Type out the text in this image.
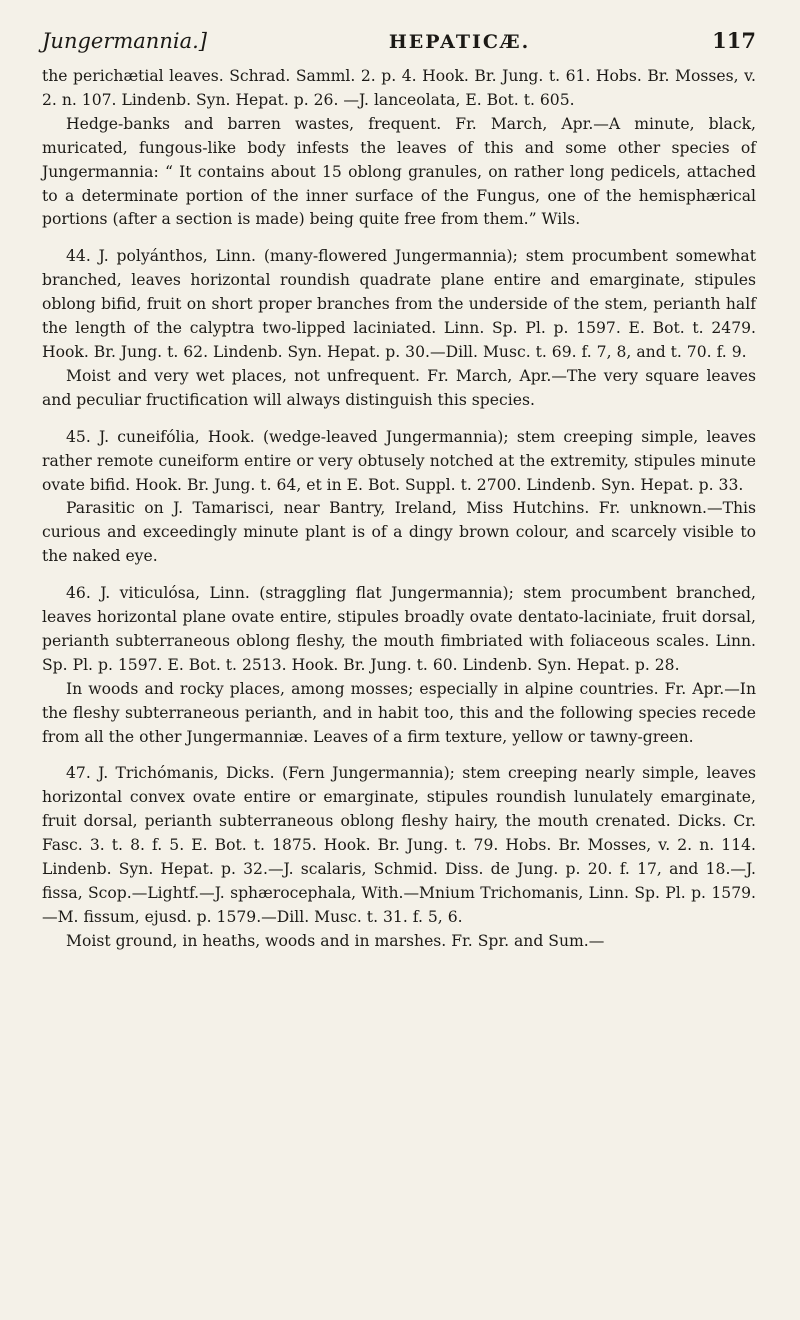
Jungermannia.]	HEPATICÆ.	117

the perichætial leaves. Schrad. Samml. 2. p. 4. Hook. Br. Jung. t. 61. Hobs. Br. Mosses, v. 2. n. 107. Lindenb. Syn. Hepat. p. 26. —J. lanceolata, E. Bot. t. 605.

Hedge-banks and barren wastes, frequent. Fr. March, Apr.—A minute, black, muricated, fungous-like body infests the leaves of this and some other species of Jungermannia: “ It contains about 15 oblong granules, on rather long pedicels, attached to a determinate portion of the inner surface of the Fungus, one of the hemisphærical portions (after a section is made) being quite free from them.” Wils.

44. J. polyánthos, Linn. (many-flowered Jungermannia); stem procumbent somewhat branched, leaves horizontal roundish quadrate plane entire and emarginate, stipules oblong bifid, fruit on short proper branches from the underside of the stem, perianth half the length of the calyptra two-lipped laciniated. Linn. Sp. Pl. p. 1597. E. Bot. t. 2479. Hook. Br. Jung. t. 62. Lindenb. Syn. Hepat. p. 30.—Dill. Musc. t. 69. f. 7, 8, and t. 70. f. 9.

Moist and very wet places, not unfrequent. Fr. March, Apr.—The very square leaves and peculiar fructification will always distinguish this species.

45. J. cuneifólia, Hook. (wedge-leaved Jungermannia); stem creeping simple, leaves rather remote cuneiform entire or very obtusely notched at the extremity, stipules minute ovate bifid. Hook. Br. Jung. t. 64, et in E. Bot. Suppl. t. 2700. Lindenb. Syn. Hepat. p. 33.

Parasitic on J. Tamarisci, near Bantry, Ireland, Miss Hutchins. Fr. unknown.—This curious and exceedingly minute plant is of a dingy brown colour, and scarcely visible to the naked eye.

46. J. viticulósa, Linn. (straggling flat Jungermannia); stem procumbent branched, leaves horizontal plane ovate entire, stipules broadly ovate dentato-laciniate, fruit dorsal, perianth subterraneous oblong fleshy, the mouth fimbriated with foliaceous scales. Linn. Sp. Pl. p. 1597. E. Bot. t. 2513. Hook. Br. Jung. t. 60. Lindenb. Syn. Hepat. p. 28.

In woods and rocky places, among mosses; especially in alpine countries. Fr. Apr.—In the fleshy subterraneous perianth, and in habit too, this and the following species recede from all the other Jungermanniæ. Leaves of a firm texture, yellow or tawny-green.

47. J. Trichómanis, Dicks. (Fern Jungermannia); stem creeping nearly simple, leaves horizontal convex ovate entire or emarginate, stipules roundish lunulately emarginate, fruit dorsal, perianth subterraneous oblong fleshy hairy, the mouth crenated. Dicks. Cr. Fasc. 3. t. 8. f. 5. E. Bot. t. 1875. Hook. Br. Jung. t. 79. Hobs. Br. Mosses, v. 2. n. 114. Lindenb. Syn. Hepat. p. 32.—J. scalaris, Schmid. Diss. de Jung. p. 20. f. 17, and 18.—J. fissa, Scop.—Lightf.—J. sphærocephala, With.—Mnium Trichomanis, Linn. Sp. Pl. p. 1579.—M. fissum, ejusd. p. 1579.—Dill. Musc. t. 31. f. 5, 6.

Moist ground, in heaths, woods and in marshes. Fr. Spr. and Sum.—
